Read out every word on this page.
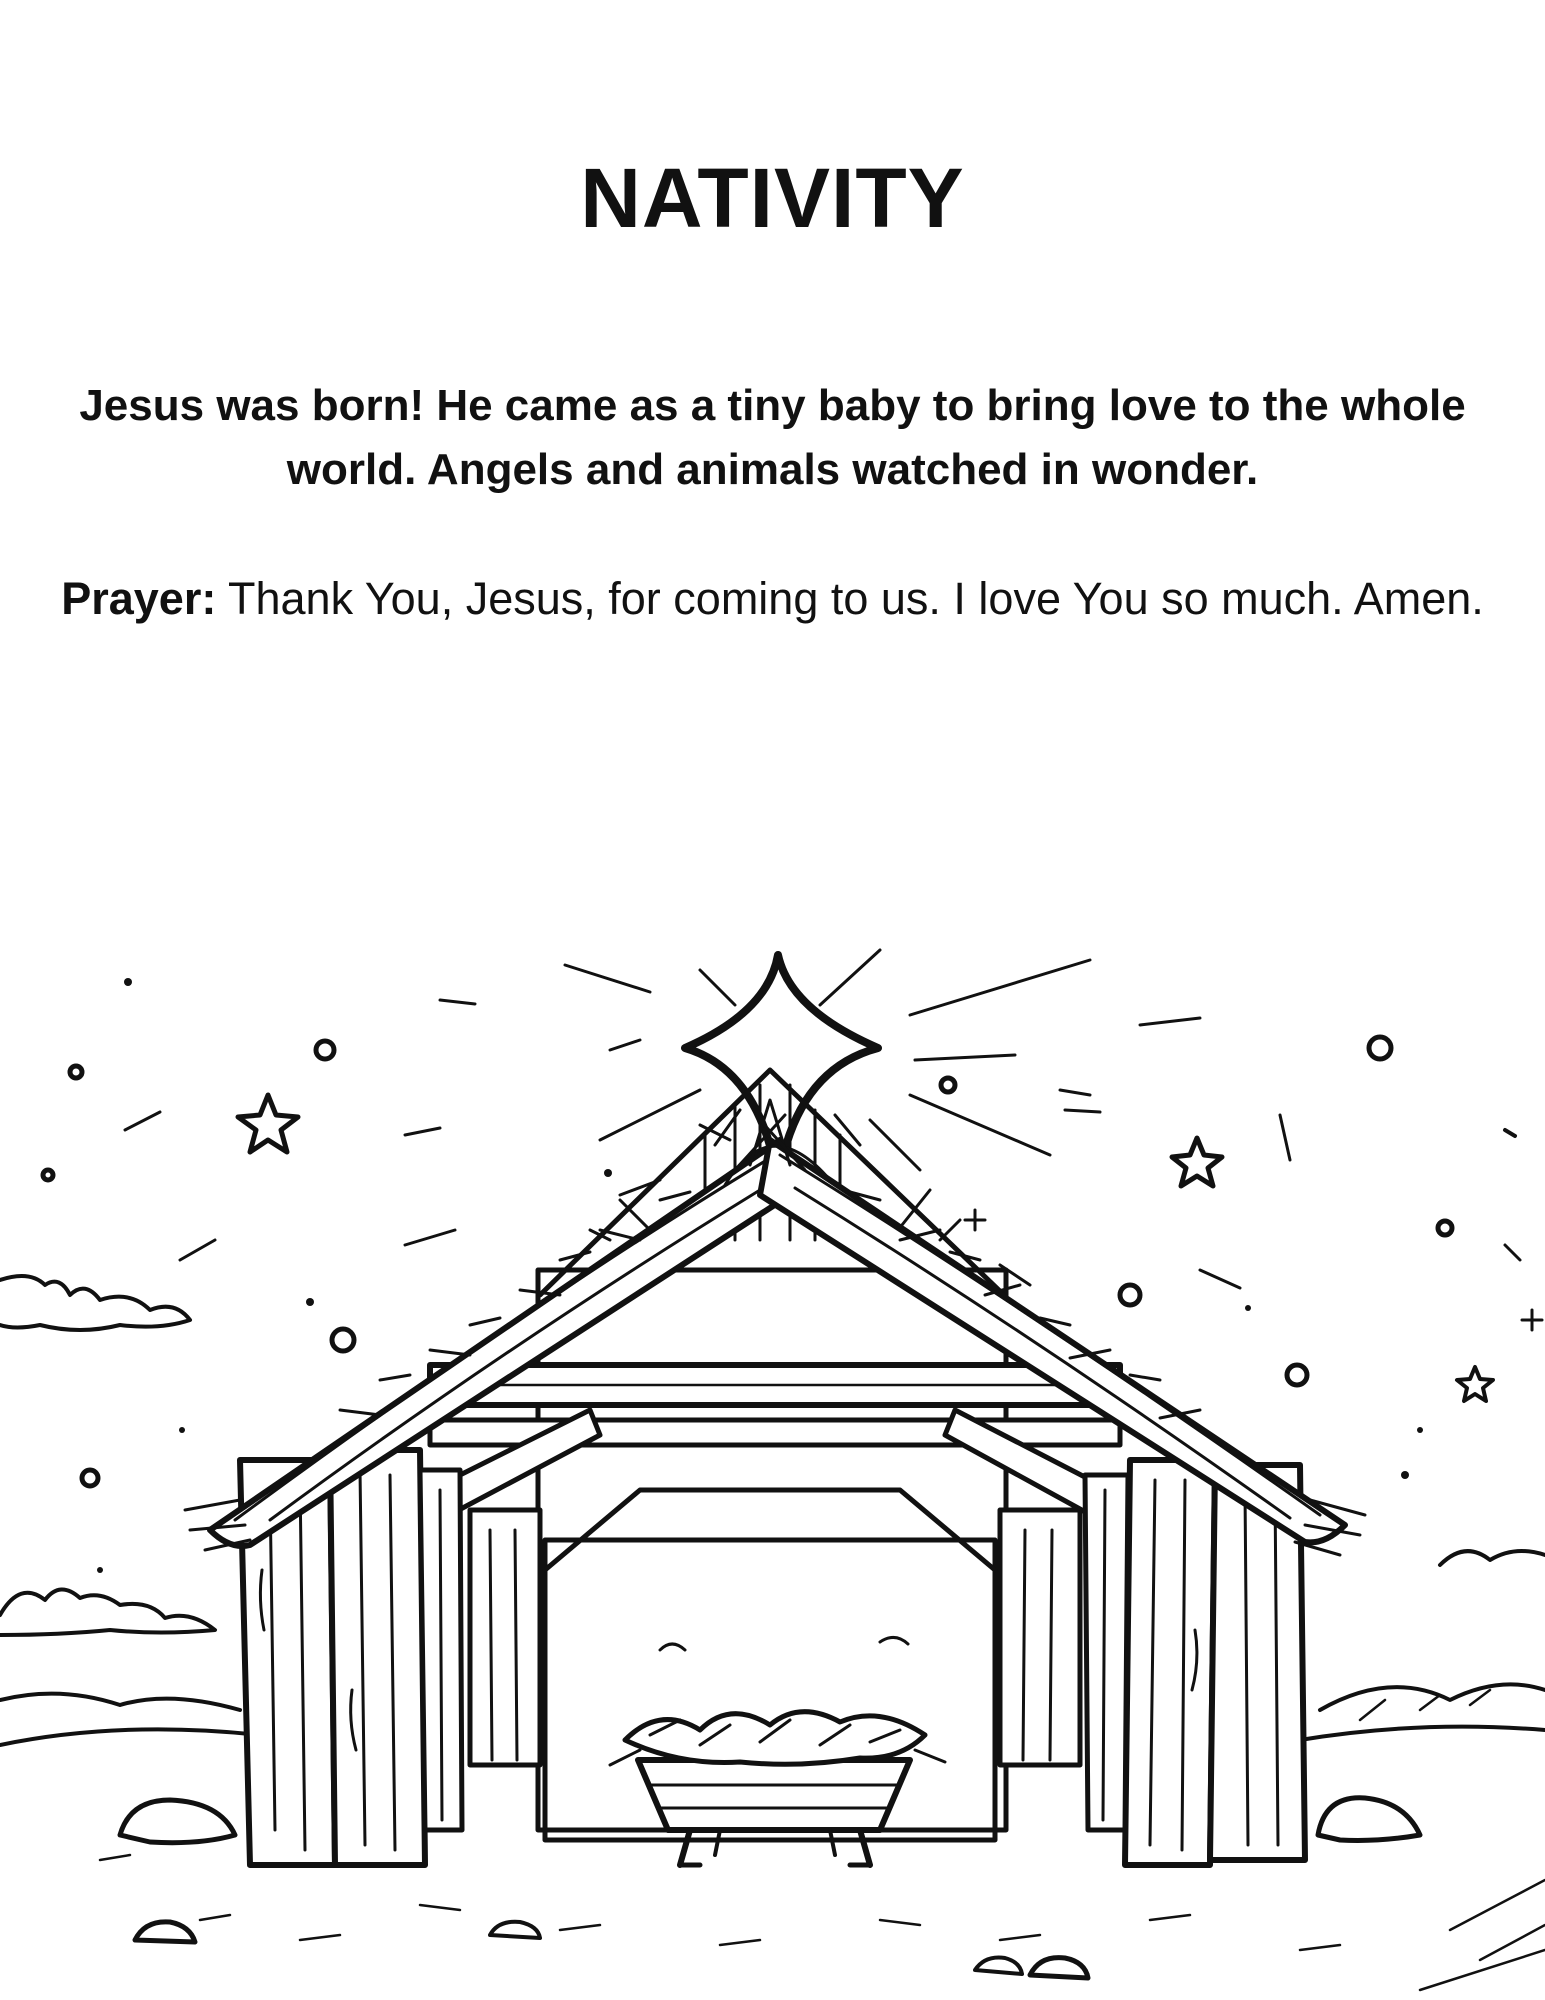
NATIVITY

Jesus was born! He came as a tiny baby to bring love to the whole world. Angels and animals watched in wonder.

Prayer: Thank You, Jesus, for coming to us. I love You so much. Amen.
